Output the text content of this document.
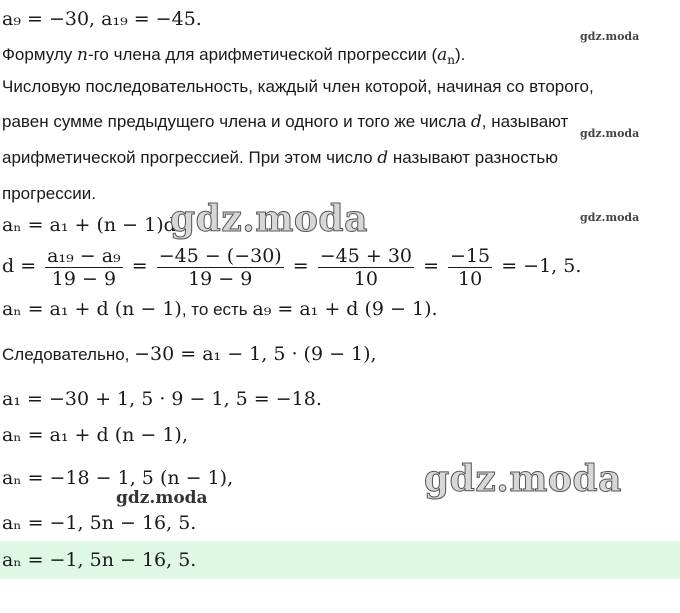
a₉ = −30, a₁₉ = −45.
Формулу n-го члена для арифметической прогрессии $(a_n)$.
Числовую последовательность, каждый член которой, начиная со второго,
равен сумме предыдущего члена и одного и того же числа d, называют
арифметической прогрессией. При этом число d называют разностью
прогрессии.
aₙ = a₁ + (n − 1)d
$d = \frac{\text{a₁₉ − a₉}}{19 - 9} = \frac{-45 - (-30)}{19 - 9} = \frac{-45 + 30}{10} = \frac{-15}{10} = -1$, 5.
aₙ = a₁ + d (n − 1), то есть a₉ = a₁ + d (9 − 1).
Следовательно, −30 = a₁ − 1, 5 · (9 − 1),
a₁ = −30 + 1, 5 · 9 − 1, 5 = −18.
aₙ = a₁ + d (n − 1),
aₙ = −18 − 1, 5 (n − 1),
aₙ = −1, 5n − 16, 5.
aₙ = −1, 5n − 16, 5.
gdz.moda
gdz.moda
gdz.moda
gdz.moda
gdz.moda
gdz.moda
